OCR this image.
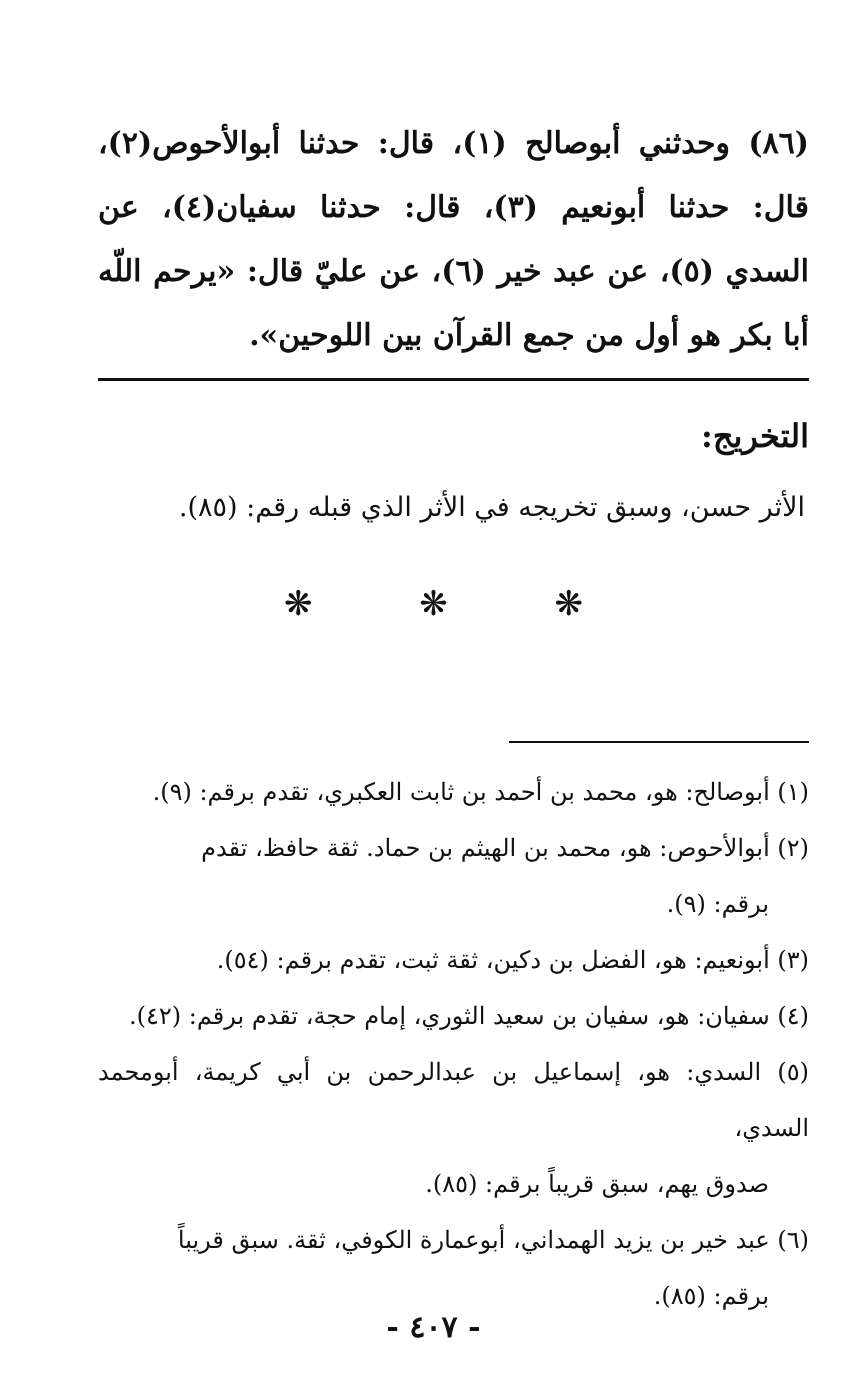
(٨٦) وحدثني أبوصالح (١)، قال: حدثنا أبوالأحوص(٢)، قال: حدثنا أبونعيم (٣)، قال: حدثنا سفيان(٤)، عن السدي (٥)، عن عبد خير (٦)، عن عليّ قال: «يرحم اللّه أبا بكر هو أول من جمع القرآن بين اللوحين».
التخريج:
الأثر حسن، وسبق تخريجه في الأثر الذي قبله رقم: (٨٥).
❋ ❋ ❋

(١) أبوصالح: هو، محمد بن أحمد بن ثابت العكبري، تقدم برقم: (٩).

(٢) أبوالأحوص: هو، محمد بن الهيثم بن حماد. ثقة حافظ، تقدم
برقم: (٩).

(٣) أبونعيم: هو، الفضل بن دكين، ثقة ثبت، تقدم برقم: (٥٤).

(٤) سفيان: هو، سفيان بن سعيد الثوري، إمام حجة، تقدم برقم: (٤٢).

(٥) السدي: هو، إسماعيل بن عبدالرحمن بن أبي كريمة، أبومحمد السدي،
صدوق يهم، سبق قريباً برقم: (٨٥).

(٦) عبد خير بن يزيد الهمداني، أبوعمارة الكوفي، ثقة. سبق قريباً
برقم: (٨٥).

- ٤٠٧ -
